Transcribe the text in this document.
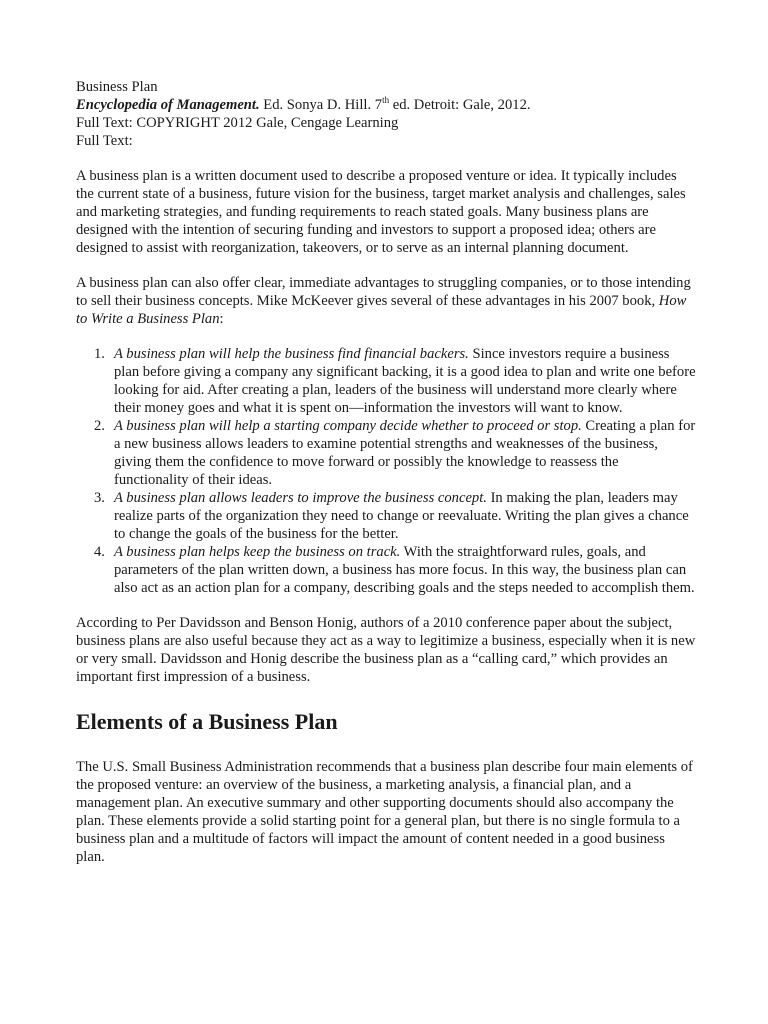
Business Plan
Encyclopedia of Management. Ed. Sonya D. Hill. 7th ed. Detroit: Gale, 2012.
Full Text: COPYRIGHT 2012 Gale, Cengage Learning
Full Text:

A business plan is a written document used to describe a proposed venture or idea. It typically includes the current state of a business, future vision for the business, target market analysis and challenges, sales and marketing strategies, and funding requirements to reach stated goals. Many business plans are designed with the intention of securing funding and investors to support a proposed idea; others are designed to assist with reorganization, takeovers, or to serve as an internal planning document.

A business plan can also offer clear, immediate advantages to struggling companies, or to those intending to sell their business concepts. Mike McKeever gives several of these advantages in his 2007 book, How to Write a Business Plan:

1. A business plan will help the business find financial backers. Since investors require a business plan before giving a company any significant backing, it is a good idea to plan and write one before looking for aid. After creating a plan, leaders of the business will understand more clearly where their money goes and what it is spent on—information the investors will want to know.
2. A business plan will help a starting company decide whether to proceed or stop. Creating a plan for a new business allows leaders to examine potential strengths and weaknesses of the business, giving them the confidence to move forward or possibly the knowledge to reassess the functionality of their ideas.
3. A business plan allows leaders to improve the business concept. In making the plan, leaders may realize parts of the organization they need to change or reevaluate. Writing the plan gives a chance to change the goals of the business for the better.
4. A business plan helps keep the business on track. With the straightforward rules, goals, and parameters of the plan written down, a business has more focus. In this way, the business plan can also act as an action plan for a company, describing goals and the steps needed to accomplish them.

According to Per Davidsson and Benson Honig, authors of a 2010 conference paper about the subject, business plans are also useful because they act as a way to legitimize a business, especially when it is new or very small. Davidsson and Honig describe the business plan as a “calling card,” which provides an important first impression of a business.

Elements of a Business Plan

The U.S. Small Business Administration recommends that a business plan describe four main elements of the proposed venture: an overview of the business, a marketing analysis, a financial plan, and a management plan. An executive summary and other supporting documents should also accompany the plan. These elements provide a solid starting point for a general plan, but there is no single formula to a business plan and a multitude of factors will impact the amount of content needed in a good business plan.
